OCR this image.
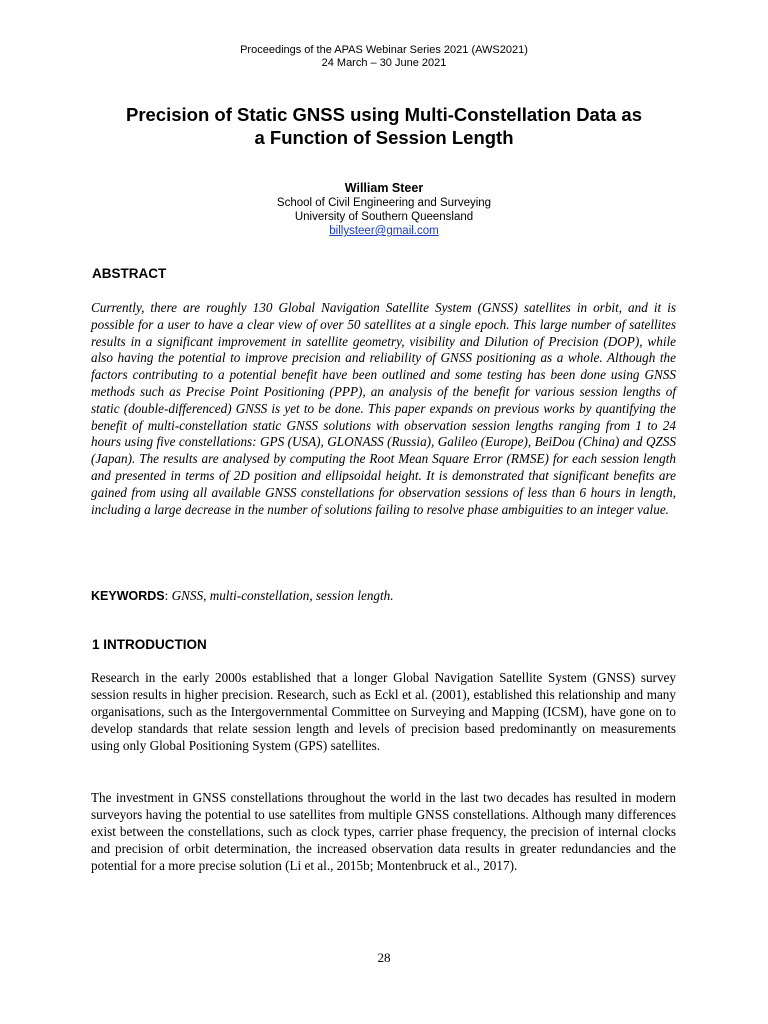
Proceedings of the APAS Webinar Series 2021 (AWS2021)
24 March – 30 June 2021
Precision of Static GNSS using Multi-Constellation Data as
a Function of Session Length
William Steer
School of Civil Engineering and Surveying
University of Southern Queensland
billysteer@gmail.com
ABSTRACT
Currently, there are roughly 130 Global Navigation Satellite System (GNSS) satellites in orbit, and it is possible for a user to have a clear view of over 50 satellites at a single epoch. This large number of satellites results in a significant improvement in satellite geometry, visibility and Dilution of Precision (DOP), while also having the potential to improve precision and reliability of GNSS positioning as a whole. Although the factors contributing to a potential benefit have been outlined and some testing has been done using GNSS methods such as Precise Point Positioning (PPP), an analysis of the benefit for various session lengths of static (double-differenced) GNSS is yet to be done. This paper expands on previous works by quantifying the benefit of multi-constellation static GNSS solutions with observation session lengths ranging from 1 to 24 hours using five constellations: GPS (USA), GLONASS (Russia), Galileo (Europe), BeiDou (China) and QZSS (Japan). The results are analysed by computing the Root Mean Square Error (RMSE) for each session length and presented in terms of 2D position and ellipsoidal height. It is demonstrated that significant benefits are gained from using all available GNSS constellations for observation sessions of less than 6 hours in length, including a large decrease in the number of solutions failing to resolve phase ambiguities to an integer value.
KEYWORDS: GNSS, multi-constellation, session length.
1 INTRODUCTION
Research in the early 2000s established that a longer Global Navigation Satellite System (GNSS) survey session results in higher precision. Research, such as Eckl et al. (2001), established this relationship and many organisations, such as the Intergovernmental Committee on Surveying and Mapping (ICSM), have gone on to develop standards that relate session length and levels of precision based predominantly on measurements using only Global Positioning System (GPS) satellites.
The investment in GNSS constellations throughout the world in the last two decades has resulted in modern surveyors having the potential to use satellites from multiple GNSS constellations. Although many differences exist between the constellations, such as clock types, carrier phase frequency, the precision of internal clocks and precision of orbit determination, the increased observation data results in greater redundancies and the potential for a more precise solution (Li et al., 2015b; Montenbruck et al., 2017).
28
